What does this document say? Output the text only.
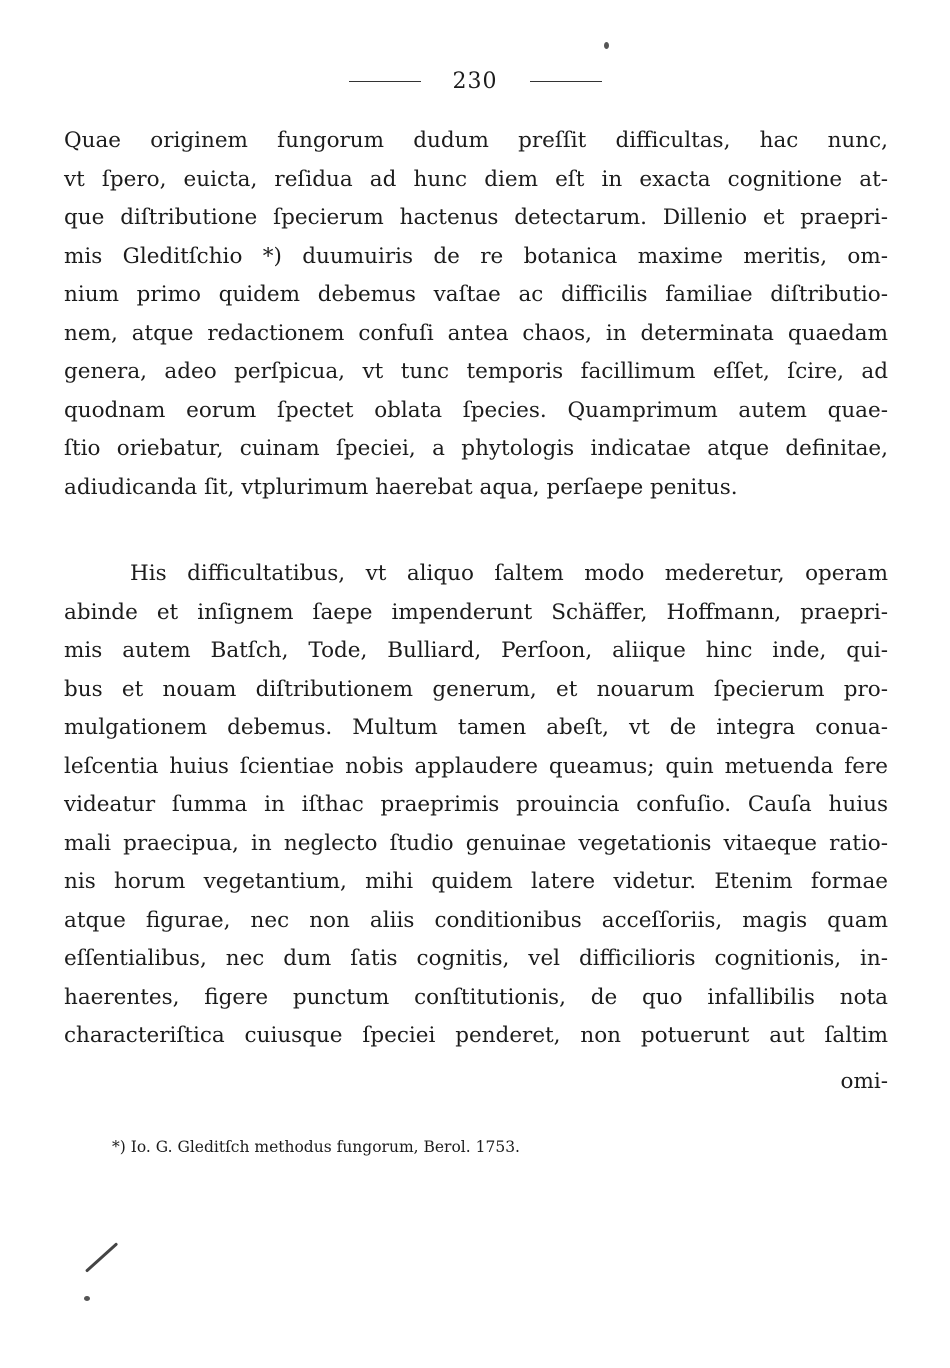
230
Quae originem fungorum dudum preſſit difficultas, hac nunc,
vt ſpero, euicta, reſidua ad hunc diem eſt in exacta cognitione at-
que diſtributione ſpecierum hactenus detectarum. Dillenio et praepri-
mis Gleditſchio *) duumuiris de re botanica maxime meritis, om-
nium primo quidem debemus vaſtae ac difficilis familiae diſtributio-
nem, atque redactionem confuſi antea chaos, in determinata quaedam
genera, adeo perſpicua, vt tunc temporis facillimum eſſet, ſcire, ad
quodnam eorum ſpectet oblata ſpecies. Quamprimum autem quae-
ſtio oriebatur, cuinam ſpeciei, a phytologis indicatae atque definitae,
adiudicanda ſit, vtplurimum haerebat aqua, perſaepe penitus.
His difficultatibus, vt aliquo ſaltem modo mederetur, operam
abinde et inſignem ſaepe impenderunt Schäffer, Hoffmann, praepri-
mis autem Batſch, Tode, Bulliard, Perſoon, aliique hinc inde, qui-
bus et nouam diſtributionem generum, et nouarum ſpecierum pro-
mulgationem debemus. Multum tamen abeſt, vt de integra conua-
leſcentia huius ſcientiae nobis applaudere queamus; quin metuenda fere
videatur ſumma in iſthac praeprimis prouincia confuſio. Cauſa huius
mali praecipua, in neglecto ſtudio genuinae vegetationis vitaeque ratio-
nis horum vegetantium, mihi quidem latere videtur. Etenim formae
atque figurae, nec non aliis conditionibus acceſſoriis, magis quam
eſſentialibus, nec dum ſatis cognitis, vel difficilioris cognitionis, in-
haerentes, figere punctum conſtitutionis, de quo infallibilis nota
characteriſtica cuiusque ſpeciei penderet, non potuerunt aut ſaltim
omi-
*) Io. G. Gleditſch methodus fungorum, Berol. 1753.
